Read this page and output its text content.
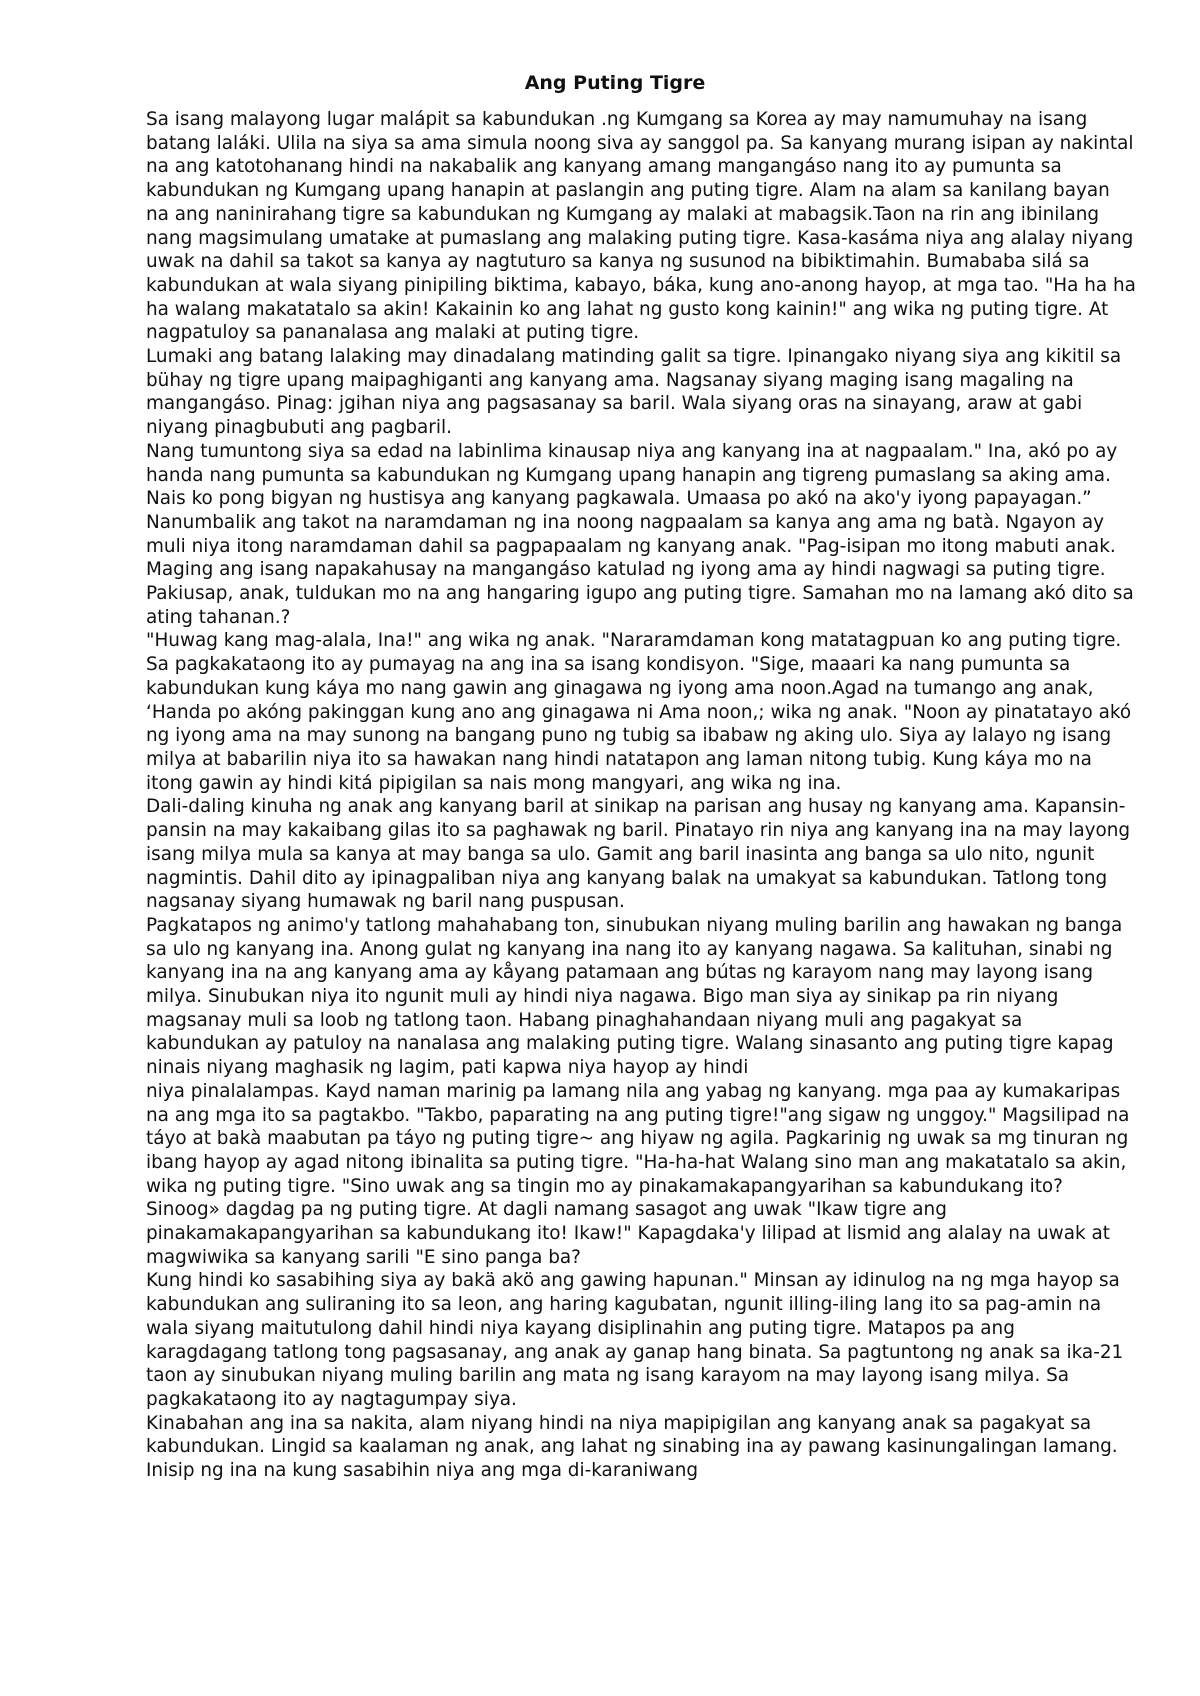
Ang Puting Tigre

Sa isang malayong lugar malápit sa kabundukan .ng Kumgang sa Korea ay may namumuhay na isang batang laláki. Ulila na siya sa ama simula noong siva ay sanggol pa. Sa kanyang murang isipan ay nakintal na ang katotohanang hindi na nakabalik ang kanyang amang mangangáso nang ito ay pumunta sa kabundukan ng Kumgang upang hanapin at paslangin ang puting tigre. Alam na alam sa kanilang bayan na ang naninirahang tigre sa kabundukan ng Kumgang ay malaki at mabagsik.Taon na rin ang ibinilang nang magsimulang umatake at pumaslang ang malaking puting tigre. Kasa-kasáma niya ang alalay niyang uwak na dahil sa takot sa kanya ay nagtuturo sa kanya ng susunod na bibiktimahin. Bumababa silá sa kabundukan at wala siyang pinipiling biktima, kabayo, báka, kung ano-anong hayop, at mga tao. "Ha ha ha ha walang makatatalo sa akin! Kakainin ko ang lahat ng gusto kong kainin!" ang wika ng puting tigre. At nagpatuloy sa pananalasa ang malaki at puting tigre.

Lumaki ang batang lalaking may dinadalang matinding galit sa tigre. Ipinangako niyang siya ang kikitil sa bühay ng tigre upang maipaghiganti ang kanyang ama. Nagsanay siyang maging isang magaling na mangangáso. Pinag: jgihan niya ang pagsasanay sa baril. Wala siyang oras na sinayang, araw at gabi niyang pinagbubuti ang pagbaril.

Nang tumuntong siya sa edad na labinlima kinausap niya ang kanyang ina at nagpaalam." Ina, akó po ay handa nang pumunta sa kabundukan ng Kumgang upang hanapin ang tigreng pumaslang sa aking ama. Nais ko pong bigyan ng hustisya ang kanyang pagkawala. Umaasa po akó na ako'y iyong papayagan.”

Nanumbalik ang takot na naramdaman ng ina noong nagpaalam sa kanya ang ama ng batà. Ngayon ay muli niya itong naramdaman dahil sa pagpapaalam ng kanyang anak. "Pag-isipan mo itong mabuti anak. Maging ang isang napakahusay na mangangáso katulad ng iyong ama ay hindi nagwagi sa puting tigre. Pakiusap, anak, tuldukan mo na ang hangaring igupo ang puting tigre. Samahan mo na lamang akó dito sa ating tahanan.?

"Huwag kang mag-alala, Ina!" ang wika ng anak. "Nararamdaman kong matatagpuan ko ang puting tigre. Sa pagkakataong ito ay pumayag na ang ina sa isang kondisyon. "Sige, maaari ka nang pumunta sa kabundukan kung káya mo nang gawin ang ginagawa ng iyong ama noon.Agad na tumango ang anak, ‘Handa po akóng pakinggan kung ano ang ginagawa ni Ama noon,; wika ng anak. "Noon ay pinatatayo akó ng iyong ama na may sunong na bangang puno ng tubig sa ibabaw ng aking ulo. Siya ay lalayo ng isang milya at babarilin niya ito sa hawakan nang hindi natatapon ang laman nitong tubig. Kung káya mo na itong gawin ay hindi kitá pipigilan sa nais mong mangyari, ang wika ng ina.

Dali-daling kinuha ng anak ang kanyang baril at sinikap na parisan ang husay ng kanyang ama. Kapansin-pansin na may kakaibang gilas ito sa paghawak ng baril. Pinatayo rin niya ang kanyang ina na may layong isang milya mula sa kanya at may banga sa ulo. Gamit ang baril inasinta ang banga sa ulo nito, ngunit nagmintis. Dahil dito ay ipinagpaliban niya ang kanyang balak na umakyat sa kabundukan. Tatlong tong nagsanay siyang humawak ng baril nang puspusan.

Pagkatapos ng animo'y tatlong mahahabang ton, sinubukan niyang muling barilin ang hawakan ng banga sa ulo ng kanyang ina. Anong gulat ng kanyang ina nang ito ay kanyang nagawa. Sa kalituhan, sinabi ng kanyang ina na ang kanyang ama ay kåyang patamaan ang bútas ng karayom nang may layong isang milya. Sinubukan niya ito ngunit muli ay hindi niya nagawa. Bigo man siya ay sinikap pa rin niyang magsanay muli sa loob ng tatlong taon. Habang pinaghahandaan niyang muli ang pagakyat sa kabundukan ay patuloy na nanalasa ang malaking puting tigre. Walang sinasanto ang puting tigre kapag ninais niyang maghasik ng lagim, pati kapwa niya hayop ay hindi

niya pinalalampas. Kayd naman marinig pa lamang nila ang yabag ng kanyang. mga paa ay kumakaripas na ang mga ito sa pagtakbo. "Takbo, paparating na ang puting tigre!"ang sigaw ng unggoy." Magsilipad na táyo at bakà maabutan pa táyo ng puting tigre~ ang hiyaw ng agila. Pagkarinig ng uwak sa mg tinuran ng ibang hayop ay agad nitong ibinalita sa puting tigre. "Ha-ha-hat Walang sino man ang makatatalo sa akin, wika ng puting tigre. "Sino uwak ang sa tingin mo ay pinakamakapangyarihan sa kabundukang ito? Sinoog» dagdag pa ng puting tigre. At dagli namang sasagot ang uwak "Ikaw tigre ang pinakamakapangyarihan sa kabundukang ito! Ikaw!" Kapagdaka'y lilipad at lismid ang alalay na uwak at magwiwika sa kanyang sarili "E sino panga ba?

Kung hindi ko sasabihing siya ay bakä akö ang gawing hapunan." Minsan ay idinulog na ng mga hayop sa kabundukan ang suliraning ito sa leon, ang haring kagubatan, ngunit illing-iling lang ito sa pag-amin na wala siyang maitutulong dahil hindi niya kayang disiplinahin ang puting tigre. Matapos pa ang karagdagang tatlong tong pagsasanay, ang anak ay ganap hang binata. Sa pagtuntong ng anak sa ika-21 taon ay sinubukan niyang muling barilin ang mata ng isang karayom na may layong isang milya. Sa pagkakataong ito ay nagtagumpay siya.

Kinabahan ang ina sa nakita, alam niyang hindi na niya mapipigilan ang kanyang anak sa pagakyat sa kabundukan. Lingid sa kaalaman ng anak, ang lahat ng sinabing ina ay pawang kasinungalingan lamang. Inisip ng ina na kung sasabihin niya ang mga di-karaniwang
